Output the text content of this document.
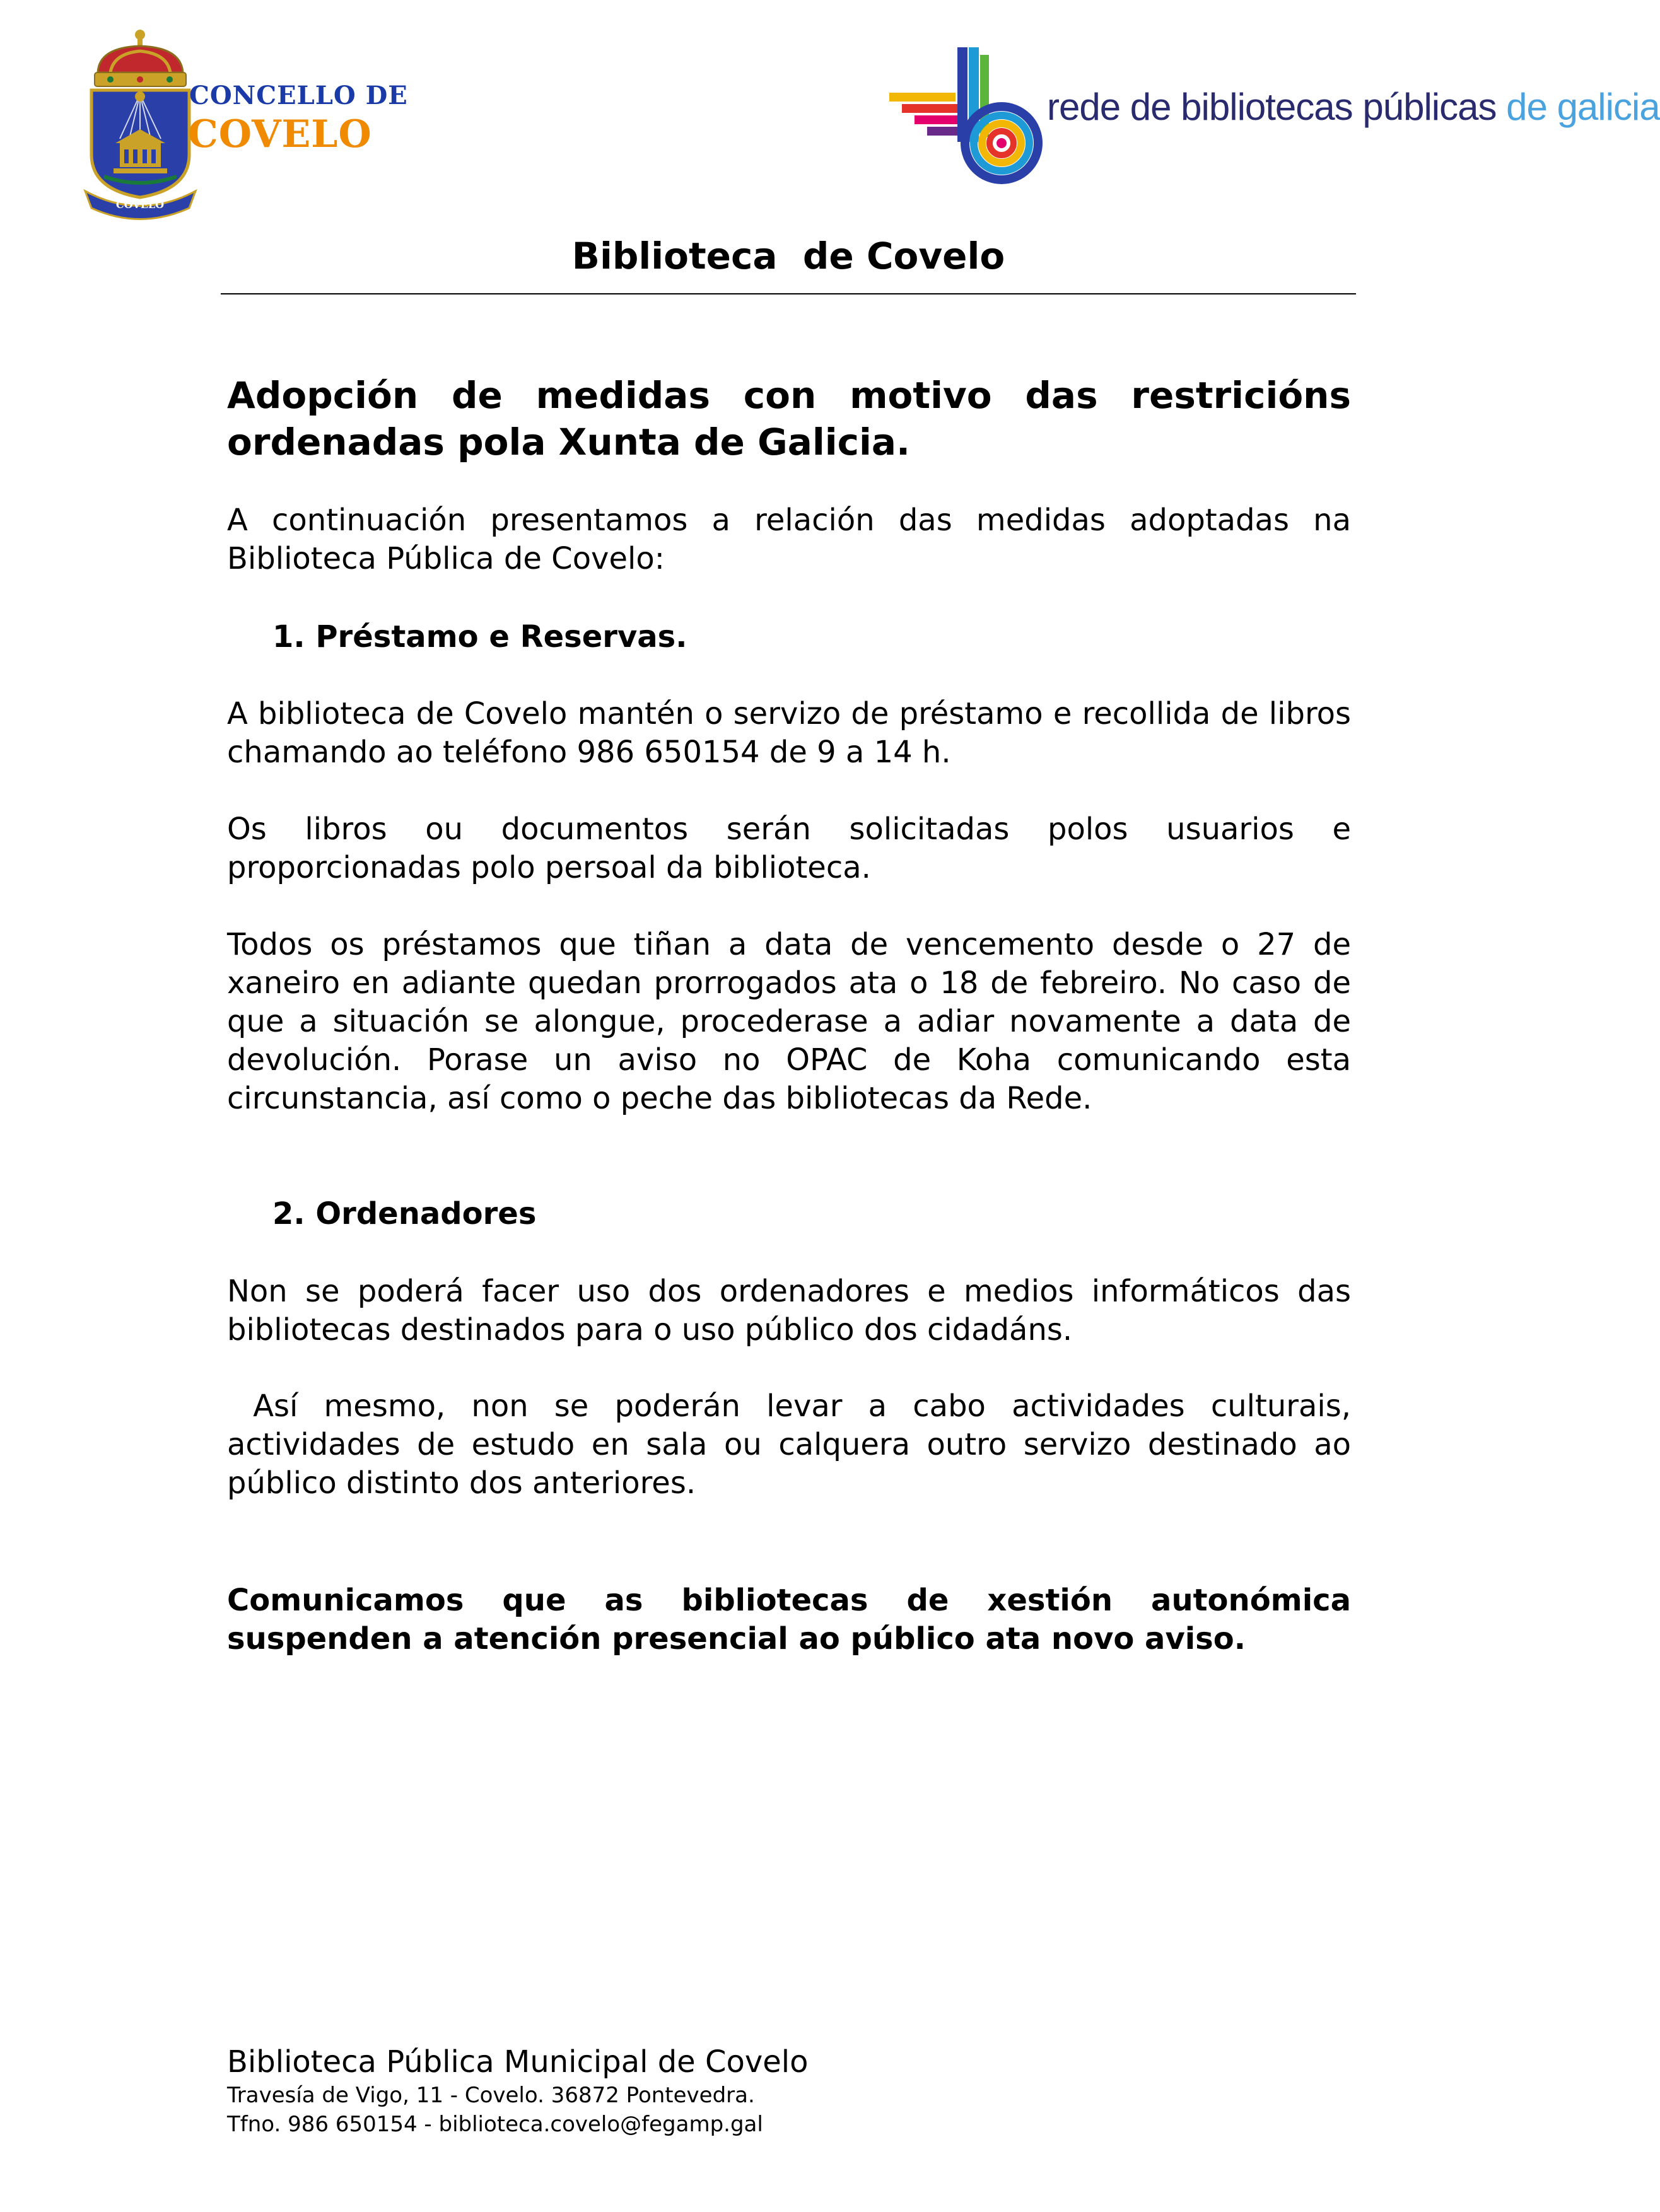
COVELO
CONCELLO DE
COVELO
rede de bibliotecas públicas de galicia
Biblioteca  de Covelo
Adopción de medidas con motivo das restricións ordenadas pola Xunta de Galicia.
A continuación presentamos a relación das medidas adoptadas na Biblioteca Pública de Covelo:
1. Préstamo e Reservas.
A biblioteca de Covelo mantén o servizo de préstamo e recollida de libros chamando ao teléfono 986 650154 de 9 a 14 h.
Os libros ou documentos serán solicitadas polos usuarios e proporcionadas polo persoal da biblioteca.
Todos os préstamos que tiñan a data de vencemento desde o 27 de xaneiro en adiante quedan prorrogados ata o 18 de febreiro. No caso de que a situación se alongue, procederase a adiar novamente a data de devolución. Porase un aviso no OPAC de Koha comunicando esta circunstancia, así como o peche das bibliotecas da Rede.
2. Ordenadores
Non se poderá facer uso dos ordenadores e medios informáticos das bibliotecas destinados para o uso público dos cidadáns.
Así mesmo, non se poderán levar a cabo actividades culturais, actividades de estudo en sala ou calquera outro servizo destinado ao público distinto dos anteriores.
Comunicamos que as bibliotecas de xestión autonómica suspenden a atención presencial ao público ata novo aviso.
Biblioteca Pública Municipal de Covelo
Travesía de Vigo, 11 - Covelo. 36872 Pontevedra.
Tfno. 986 650154 - biblioteca.covelo@fegamp.gal
